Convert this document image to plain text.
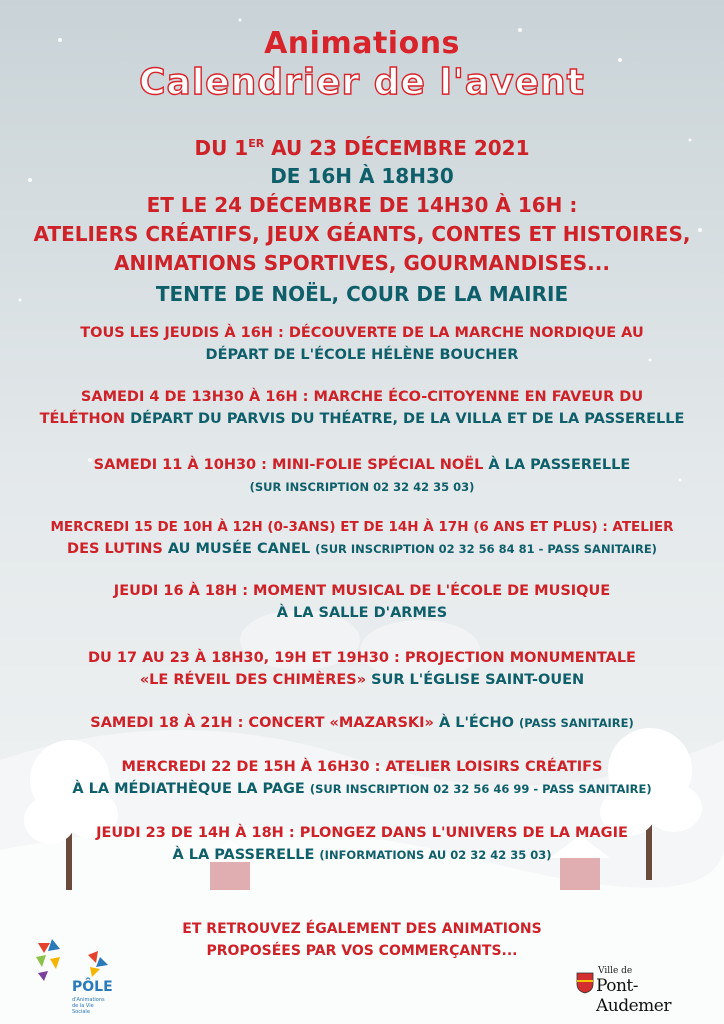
Animations
Calendrier de l'avent
DU 1ER AU 23 DÉCEMBRE 2021
DE 16H À 18H30
ET LE 24 DÉCEMBRE DE 14H30 À 16H :
ATELIERS CRÉATIFS, JEUX GÉANTS, CONTES ET HISTOIRES,
ANIMATIONS SPORTIVES, GOURMANDISES...
TENTE DE NOËL, COUR DE LA MAIRIE
TOUS LES JEUDIS À 16H : DÉCOUVERTE DE LA MARCHE NORDIQUE AU
DÉPART DE L'ÉCOLE HÉLÈNE BOUCHER
SAMEDI 4 DE 13H30 À 16H : MARCHE ÉCO-CITOYENNE EN FAVEUR DU
TÉLÉTHON DÉPART DU PARVIS DU THÉATRE, DE LA VILLA ET DE LA PASSERELLE
SAMEDI 11 À 10H30 : MINI-FOLIE SPÉCIAL NOËL À LA PASSERELLE
(SUR INSCRIPTION 02 32 42 35 03)
MERCREDI 15 DE 10H À 12H (0-3ANS) ET DE 14H À 17H (6 ANS ET PLUS) : ATELIER
DES LUTINS AU MUSÉE CANEL (SUR INSCRIPTION 02 32 56 84 81 - PASS SANITAIRE)
JEUDI 16 À 18H : MOMENT MUSICAL DE L'ÉCOLE DE MUSIQUE
À LA SALLE D'ARMES
DU 17 AU 23 À 18H30, 19H ET 19H30 : PROJECTION MONUMENTALE
«LE RÉVEIL DES CHIMÈRES» SUR L'ÉGLISE SAINT-OUEN
SAMEDI 18 À 21H : CONCERT «MAZARSKI» À L'ÉCHO (PASS SANITAIRE)
MERCREDI 22 DE 15H À 16H30 : ATELIER LOISIRS CRÉATIFS
À LA MÉDIATHÈQUE LA PAGE (SUR INSCRIPTION 02 32 56 46 99 - PASS SANITAIRE)
JEUDI 23 DE 14H À 18H : PLONGEZ DANS L'UNIVERS DE LA MAGIE
À LA PASSERELLE (INFORMATIONS AU 02 32 42 35 03)
ET RETROUVEZ ÉGALEMENT DES ANIMATIONS
PROPOSÉES PAR VOS COMMERÇANTS...
PÔLE
d'Animations de la Vie Sociale
Ville de
Pont-Audemer
